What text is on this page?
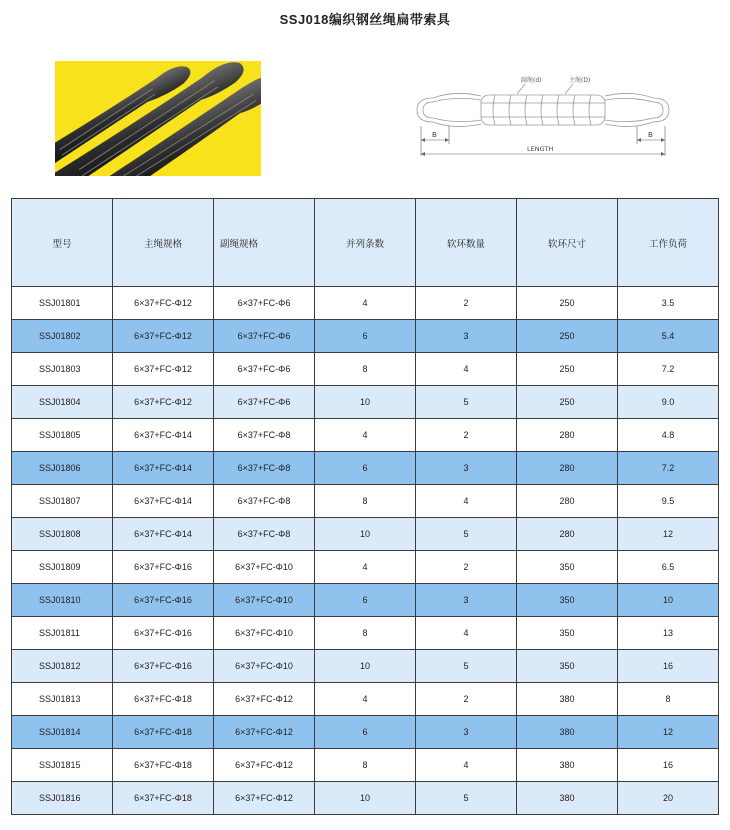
SSJ018编织钢丝绳扁带索具
副绳(d)	主绳(D)
B	B
LENGTH
型号	主绳规格	副绳规格	并列条数	软环数量	软环尺寸	工作负荷
SSJ01801	6×37+FC-Φ12	6×37+FC-Φ6	4	2	250	3.5
SSJ01802	6×37+FC-Φ12	6×37+FC-Φ6	6	3	250	5.4
SSJ01803	6×37+FC-Φ12	6×37+FC-Φ6	8	4	250	7.2
SSJ01804	6×37+FC-Φ12	6×37+FC-Φ6	10	5	250	9.0
SSJ01805	6×37+FC-Φ14	6×37+FC-Φ8	4	2	280	4.8
SSJ01806	6×37+FC-Φ14	6×37+FC-Φ8	6	3	280	7.2
SSJ01807	6×37+FC-Φ14	6×37+FC-Φ8	8	4	280	9.5
SSJ01808	6×37+FC-Φ14	6×37+FC-Φ8	10	5	280	12
SSJ01809	6×37+FC-Φ16	6×37+FC-Φ10	4	2	350	6.5
SSJ01810	6×37+FC-Φ16	6×37+FC-Φ10	6	3	350	10
SSJ01811	6×37+FC-Φ16	6×37+FC-Φ10	8	4	350	13
SSJ01812	6×37+FC-Φ16	6×37+FC-Φ10	10	5	350	16
SSJ01813	6×37+FC-Φ18	6×37+FC-Φ12	4	2	380	8
SSJ01814	6×37+FC-Φ18	6×37+FC-Φ12	6	3	380	12
SSJ01815	6×37+FC-Φ18	6×37+FC-Φ12	8	4	380	16
SSJ01816	6×37+FC-Φ18	6×37+FC-Φ12	10	5	380	20
